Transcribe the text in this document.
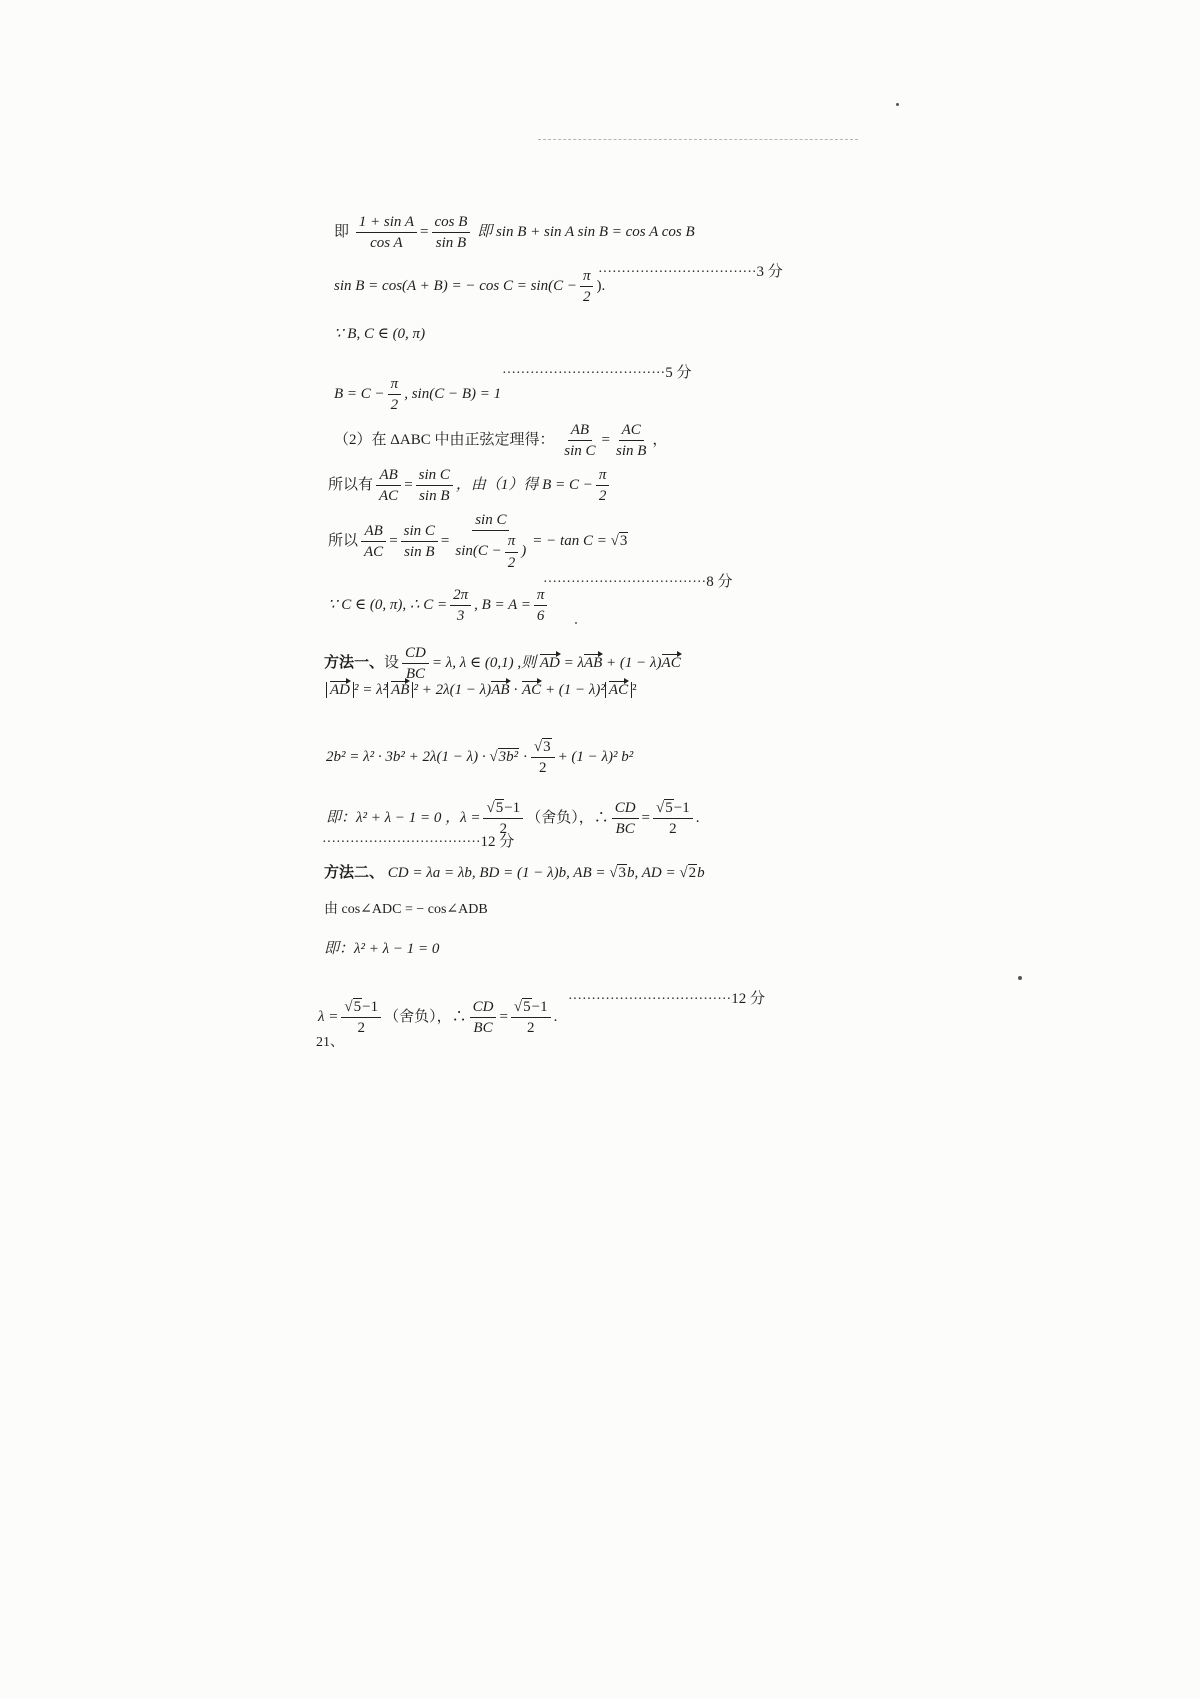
即 $\frac{\text{1 + sin A}}{\text{cos A}} = \frac{\text{cos B}}{\text{sin B}}$ 即 sin B + sin A sin B = cos A cos B
sin B = cos(A + B) = − $\cos C = \sin(C - \frac{\pi}{2}$ ).
··································3 分
∵ B, C ∈ (0, π)
$B = C - \frac{\pi}{2}$ , sin(C − B) = 1
···································5 分
（2）在 ΔABC 中由正弦定理得： $\frac{AB}{\text{sin C}} = \frac{AC}{\text{sin B}}$ ，
所以有 $\frac{AB}{AC} = \frac{\text{sin C}}{\text{sin B}}$ ，由（1）得 $B = C - \frac{\pi}{2}$
所以 $\frac{AB}{AC} = \frac{\text{sin C}}{\text{sin B}} = \frac{\text{sin C}}{\sin(C - \frac{\pi}{2} )}$ = − tan C = √3
∵ C ∈ (0, π), ∴ $C = \frac{2\pi}{3}$ , $B = A = \frac{\pi}{6}$
···································8 分
方法一、设 $\frac{CD}{BC} = \lambda$, λ ∈ (0,1) ,则 AD = λAB + (1 − λ)AC
AD ² = λ² AB ² + 2λ(1 − λ)AB · AC + (1 − λ)² AC ²
$2b^2 = \lambda^2 \cdot 3b^2 + 2\lambda(1 - \lambda) \cdot √3b^2 \cdot \frac{√3}{2} + (1 - \lambda)^2$ b²
即：λ² + λ − 1 = 0 ，$\lambda = \frac{√5-1}{2}$ （舍负），∴ $\frac{CD}{BC} = \frac{√5-1}{2}$ .
··································12 分
方法二、 CD = λa = λb, BD = (1 − λ)b, AB = √3b, AD = √2b
由 cos∠ADC = − cos∠ADB
即：λ² + λ − 1 = 0
$\lambda = \frac{√5-1}{2}$ （舍负），∴ $\frac{CD}{BC} = \frac{√5-1}{2}$ .
···································12 分
21、
